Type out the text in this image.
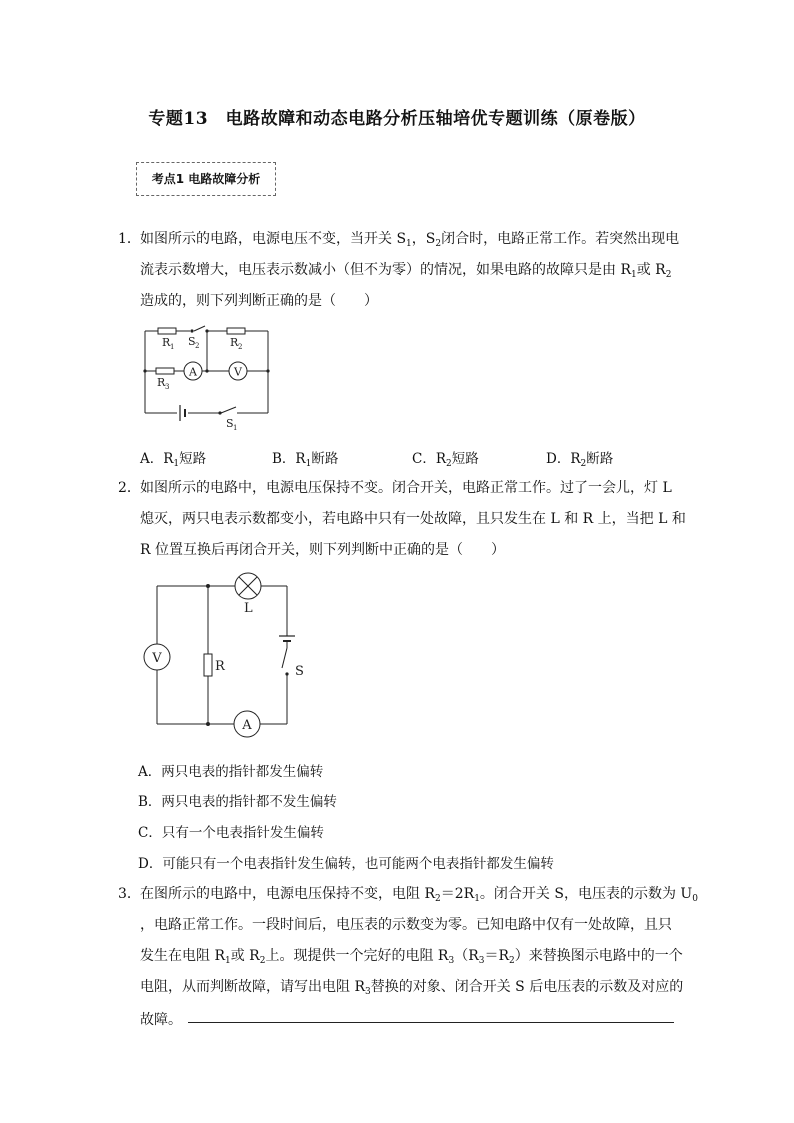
专题13　电路故障和动态电路分析压轴培优专题训练（原卷版）
考点1 电路故障分析
1． 如图所示的电路，电源电压不变，当开关 $S_1$，$S_2$闭合时，电路正常工作。若突然出现电
流表示数增大，电压表示数减小（但不为零）的情况，如果电路的故障只是由 $R_1$或 $R_2$
造成的，则下列判断正确的是（　　）
A	V
R 1 S 2	R 2
R 3
S 1
A．$R_1$短路	B．$R_1$断路	C．$R_2$短路	D．$R_2$断路
2． 如图所示的电路中，电源电压保持不变。闭合开关，电路正常工作。过了一会儿，灯 L
熄灭，两只电表示数都变小，若电路中只有一处故障，且只发生在 L 和 R 上，当把 L 和
R 位置互换后再闭合开关，则下列判断中正确的是（　　）
V
A
L
R	S
A．两只电表的指针都发生偏转
B．两只电表的指针都不发生偏转
C．只有一个电表指针发生偏转
D．可能只有一个电表指针发生偏转，也可能两个电表指针都发生偏转
3． 在图所示的电路中，电源电压保持不变，电阻 $R_2=2R_1$。闭合开关 S，电压表的示数为 $U_0$
，电路正常工作。一段时间后，电压表的示数变为零。已知电路中仅有一处故障，且只
发生在电阻 $R_1$或 $R_2$上。现提供一个完好的电阻 $R_3(R_3=R_2)$来替换图示电路中的一个
电阻，从而判断故障，请写出电阻 $R_3$替换的对象、闭合开关 S 后电压表的示数及对应的
故障。
